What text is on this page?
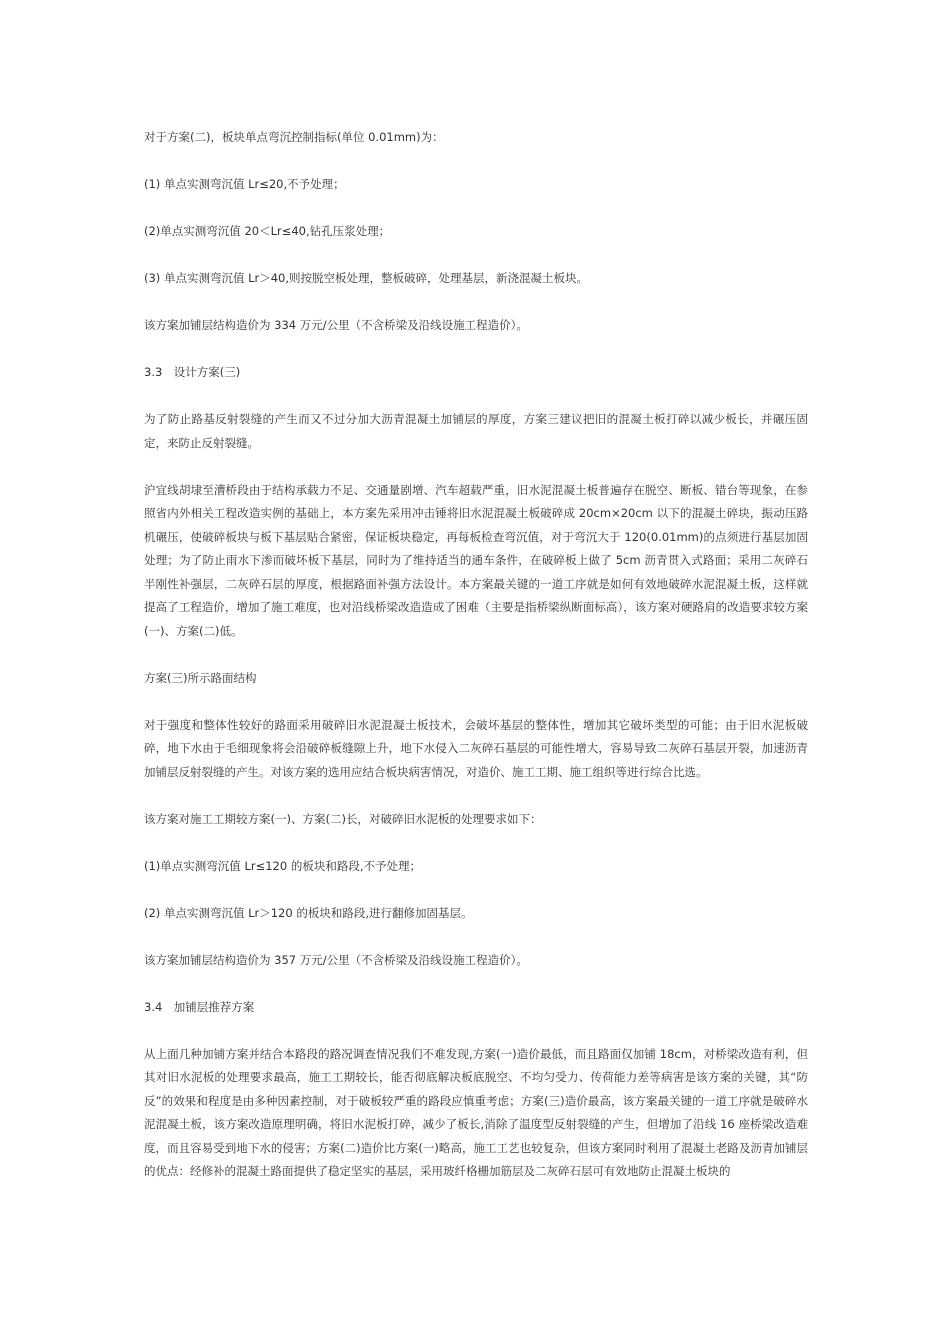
对于方案(二)，板块单点弯沉控制指标(单位 0.01mm)为：

(1) 单点实测弯沉值 Lr≤20,不予处理；

(2)单点实测弯沉值 20＜Lr≤40,钻孔压浆处理；

(3) 单点实测弯沉值 Lr＞40,则按脱空板处理，整板破碎，处理基层，新浇混凝土板块。

该方案加铺层结构造价为 334 万元/公里（不含桥梁及沿线设施工程造价）。

3.3　设计方案(三)

为了防止路基反射裂缝的产生而又不过分加大沥青混凝土加铺层的厚度，方案三建议把旧的混凝土板打碎以减少板长，并碾压固定，来防止反射裂缝。

沪宜线胡埭至漕桥段由于结构承载力不足、交通量剧增、汽车超载严重，旧水泥混凝土板普遍存在脱空、断板、错台等现象，在参照省内外相关工程改造实例的基础上，本方案先采用冲击锤将旧水泥混凝土板破碎成 20cm×20cm 以下的混凝土碎块，振动压路机碾压，使破碎板块与板下基层贴合紧密，保证板块稳定，再每板检查弯沉值，对于弯沉大于 120(0.01mm)的点须进行基层加固处理；为了防止雨水下渗而破坏板下基层，同时为了维持适当的通车条件，在破碎板上做了 5cm 沥青贯入式路面；采用二灰碎石半刚性补强层，二灰碎石层的厚度，根据路面补强方法设计。本方案最关键的一道工序就是如何有效地破碎水泥混凝土板，这样就提高了工程造价，增加了施工难度，也对沿线桥梁改造造成了困难（主要是指桥梁纵断面标高），该方案对硬路肩的改造要求较方案(一)、方案(二)低。

方案(三)所示路面结构

对于强度和整体性较好的路面采用破碎旧水泥混凝土板技术，会破坏基层的整体性，增加其它破坏类型的可能；由于旧水泥板破碎，地下水由于毛细现象将会沿破碎板缝隙上升，地下水侵入二灰碎石基层的可能性增大，容易导致二灰碎石基层开裂，加速沥青加铺层反射裂缝的产生。对该方案的选用应结合板块病害情况，对造价、施工工期、施工组织等进行综合比选。

该方案对施工工期较方案(一)、方案(二)长，对破碎旧水泥板的处理要求如下：

(1)单点实测弯沉值 Lr≤120 的板块和路段,不予处理；

(2) 单点实测弯沉值 Lr＞120 的板块和路段,进行翻修加固基层。

该方案加铺层结构造价为 357 万元/公里（不含桥梁及沿线设施工程造价）。

3.4　加铺层推荐方案

从上面几种加铺方案并结合本路段的路况调查情况我们不难发现,方案(一)造价最低，而且路面仅加铺 18cm，对桥梁改造有利，但其对旧水泥板的处理要求最高，施工工期较长，能否彻底解决板底脱空、不均匀受力、传荷能力差等病害是该方案的关键，其“防反”的效果和程度是由多种因素控制，对于破板较严重的路段应慎重考虑；方案(三)造价最高，该方案最关键的一道工序就是破碎水泥混凝土板，该方案改造原理明确，将旧水泥板打碎，减少了板长,消除了温度型反射裂缝的产生，但增加了沿线 16 座桥梁改造难度，而且容易受到地下水的侵害；方案(二)造价比方案(一)略高，施工工艺也较复杂，但该方案同时利用了混凝土老路及沥青加铺层的优点：经修补的混凝土路面提供了稳定坚实的基层，采用玻纤格栅加筋层及二灰碎石层可有效地防止混凝土板块的
